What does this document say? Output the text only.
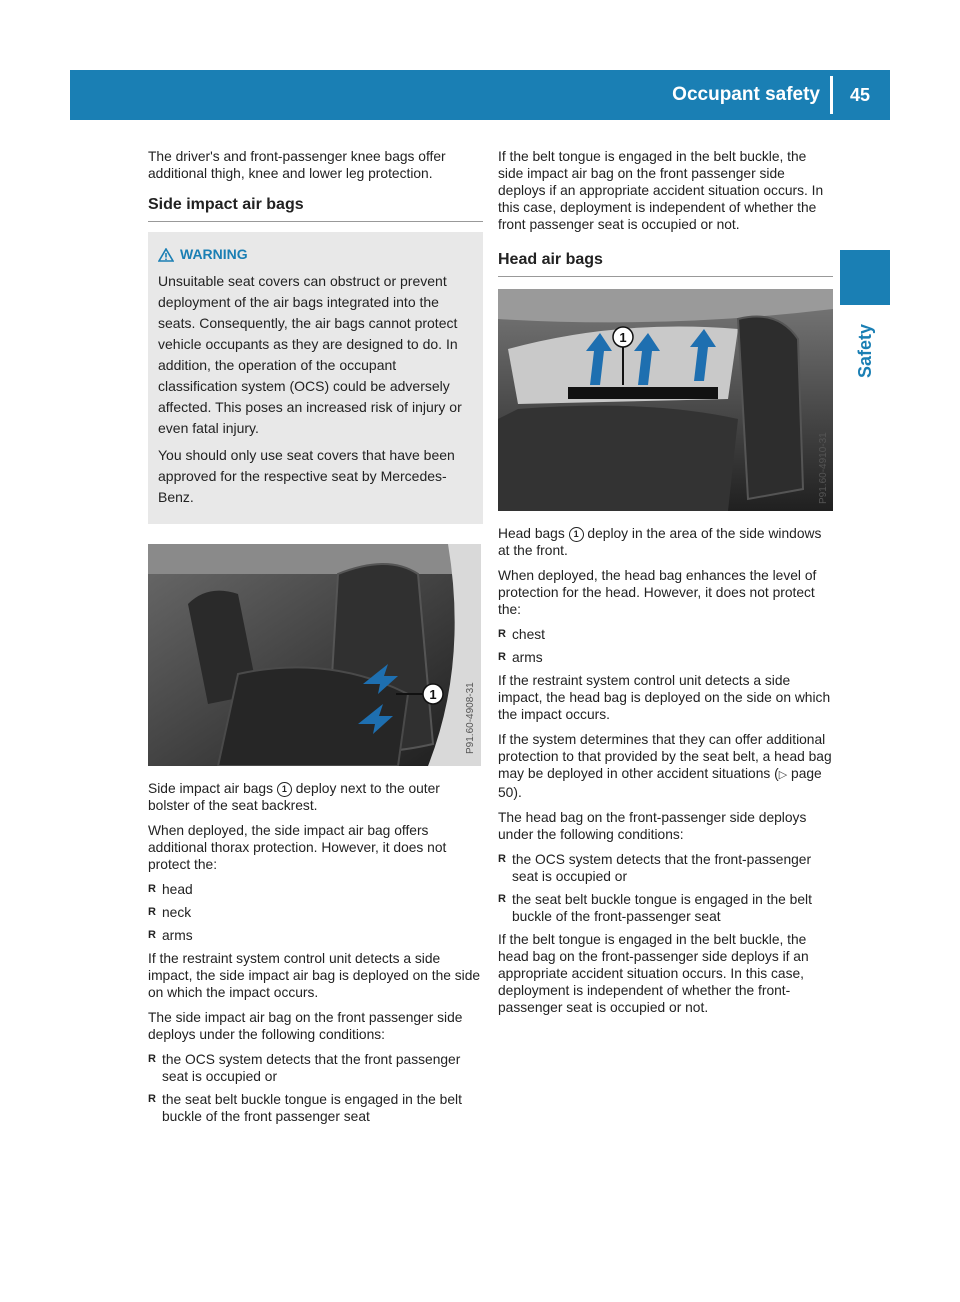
Occupant safety 45
Safety

The driver's and front-passenger knee bags offer additional thigh, knee and lower leg protection.

Side impact air bags
WARNING

Unsuitable seat covers can obstruct or prevent deployment of the air bags integrated into the seats. Consequently, the air bags cannot protect vehicle occupants as they are designed to do. In addition, the operation of the occupant classification system (OCS) could be adversely affected. This poses an increased risk of injury or even fatal injury.

You should only use seat covers that have been approved for the respective seat by Mercedes-Benz.

1	P91.60-4908-31

Side impact air bags 1 deploy next to the outer bolster of the seat backrest.

When deployed, the side impact air bag offers additional thorax protection. However, it does not protect the:

R head
R neck
R arms

If the restraint system control unit detects a side impact, the side impact air bag is deployed on the side on which the impact occurs.

The side impact air bag on the front passenger side deploys under the following conditions:

R the OCS system detects that the front passenger seat is occupied or
R the seat belt buckle tongue is engaged in the belt buckle of the front passenger seat

If the belt tongue is engaged in the belt buckle, the side impact air bag on the front passenger side deploys if an appropriate accident situation occurs. In this case, deployment is independent of whether the front passenger seat is occupied or not.

Head air bags
1
P91.60-4910-31

Head bags 1 deploy in the area of the side windows at the front.

When deployed, the head bag enhances the level of protection for the head. However, it does not protect the:

R chest
R arms

If the restraint system control unit detects a side impact, the head bag is deployed on the side on which the impact occurs.

If the system determines that they can offer additional protection to that provided by the seat belt, a head bag may be deployed in other accident situations (▷ page 50).

The head bag on the front-passenger side deploys under the following conditions:

R the OCS system detects that the front-passenger seat is occupied or
R the seat belt buckle tongue is engaged in the belt buckle of the front-passenger seat

If the belt tongue is engaged in the belt buckle, the head bag on the front-passenger side deploys if an appropriate accident situation occurs. In this case, deployment is independent of whether the front-passenger seat is occupied or not.
